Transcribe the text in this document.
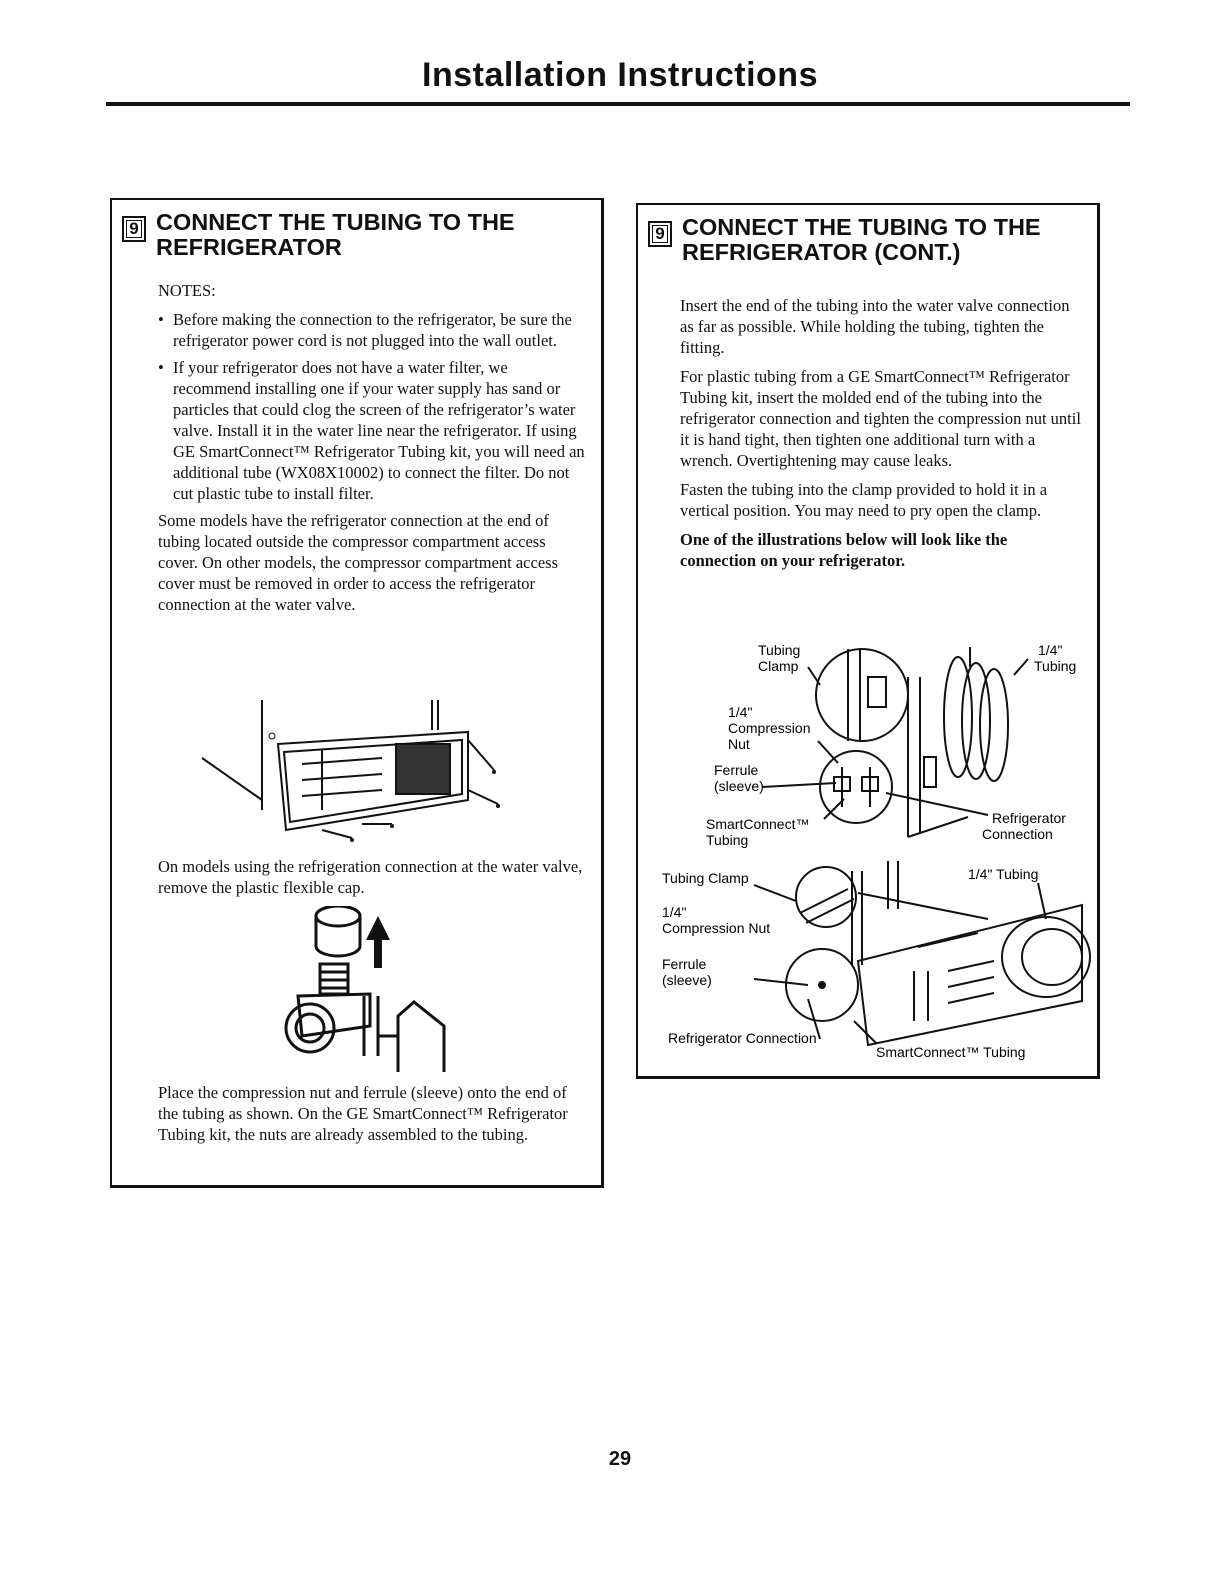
Installation Instructions
9 CONNECT THE TUBING TO THE
REFRIGERATOR

NOTES:

• Before making the connection to the refrigerator, be sure the refrigerator power cord is not plugged into the wall outlet.
• If your refrigerator does not have a water filter, we recommend installing one if your water supply has sand or particles that could clog the screen of the refrigerator’s water valve. Install it in the water line near the refrigerator. If using GE SmartConnect™ Refrigerator Tubing kit, you will need an additional tube (WX08X10002) to connect the filter. Do not cut plastic tube to install filter.

Some models have the refrigerator connection at the end of tubing located outside the compressor compartment access cover. On other models, the compressor compartment access cover must be removed in order to access the refrigerator connection at the water valve.

On models using the refrigeration connection at the water valve, remove the plastic flexible cap.

Place the compression nut and ferrule (sleeve) onto the end of the tubing as shown. On the GE SmartConnect™ Refrigerator Tubing kit, the nuts are already assembled to the tubing.

9 CONNECT THE TUBING TO THE
REFRIGERATOR (CONT.)

Insert the end of the tubing into the water valve connection as far as possible. While holding the tubing, tighten the fitting.

For plastic tubing from a GE SmartConnect™ Refrigerator Tubing kit, insert the molded end of the tubing into the refrigerator connection and tighten the compression nut until it is hand tight, then tighten one additional turn with a wrench. Overtightening may cause leaks.

Fasten the tubing into the clamp provided to hold it in a vertical position. You may need to pry open the clamp.

One of the illustrations below will look like the connection on your refrigerator.

Tubing
Clamp
1/4"
Tubing
1/4"
Compression
Nut
Ferrule
(sleeve)
SmartConnect™
Tubing
Refrigerator
Connection
Tubing Clamp	1/4" Tubing
1/4"
Compression Nut
Ferrule
(sleeve)
Refrigerator Connection
SmartConnect™ Tubing
29
